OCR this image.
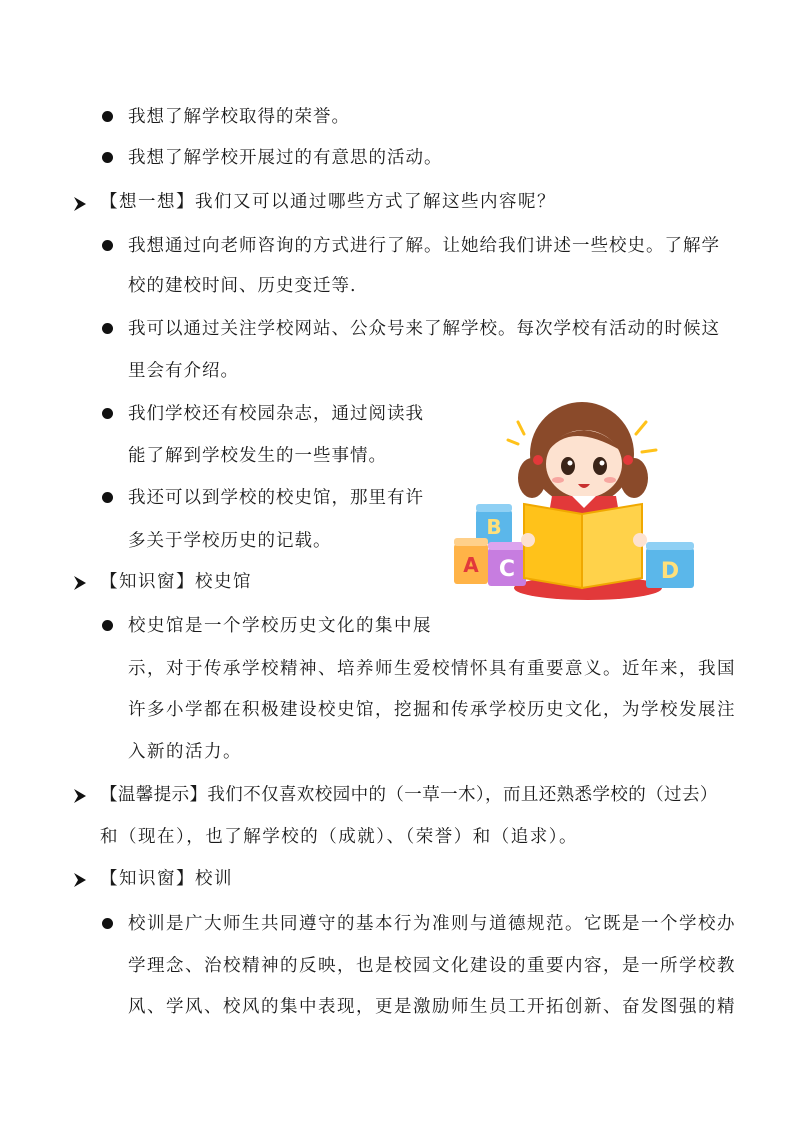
我想了解学校取得的荣誉。
我想了解学校开展过的有意思的活动。
【想一想】我们又可以通过哪些方式了解这些内容呢？
我想通过向老师咨询的方式进行了解。让她给我们讲述一些校史。了解学
校的建校时间、历史变迁等.
我可以通过关注学校网站、公众号来了解学校。每次学校有活动的时候这
里会有介绍。
我们学校还有校园杂志，通过阅读我
能了解到学校发生的一些事情。
我还可以到学校的校史馆，那里有许
多关于学校历史的记载。
【知识窗】校史馆
校史馆是一个学校历史文化的集中展
示，对于传承学校精神、培养师生爱校情怀具有重要意义。近年来，我国
许多小学都在积极建设校史馆，挖掘和传承学校历史文化，为学校发展注
入新的活力。
【温馨提示】我们不仅喜欢校园中的（一草一木），而且还熟悉学校的（过去）
和（现在），也了解学校的（成就）、（荣誉）和（追求）。
【知识窗】校训
校训是广大师生共同遵守的基本行为准则与道德规范。它既是一个学校办
学理念、治校精神的反映，也是校园文化建设的重要内容，是一所学校教
风、学风、校风的集中表现，更是激励师生员工开拓创新、奋发图强的精
B
A C	D
